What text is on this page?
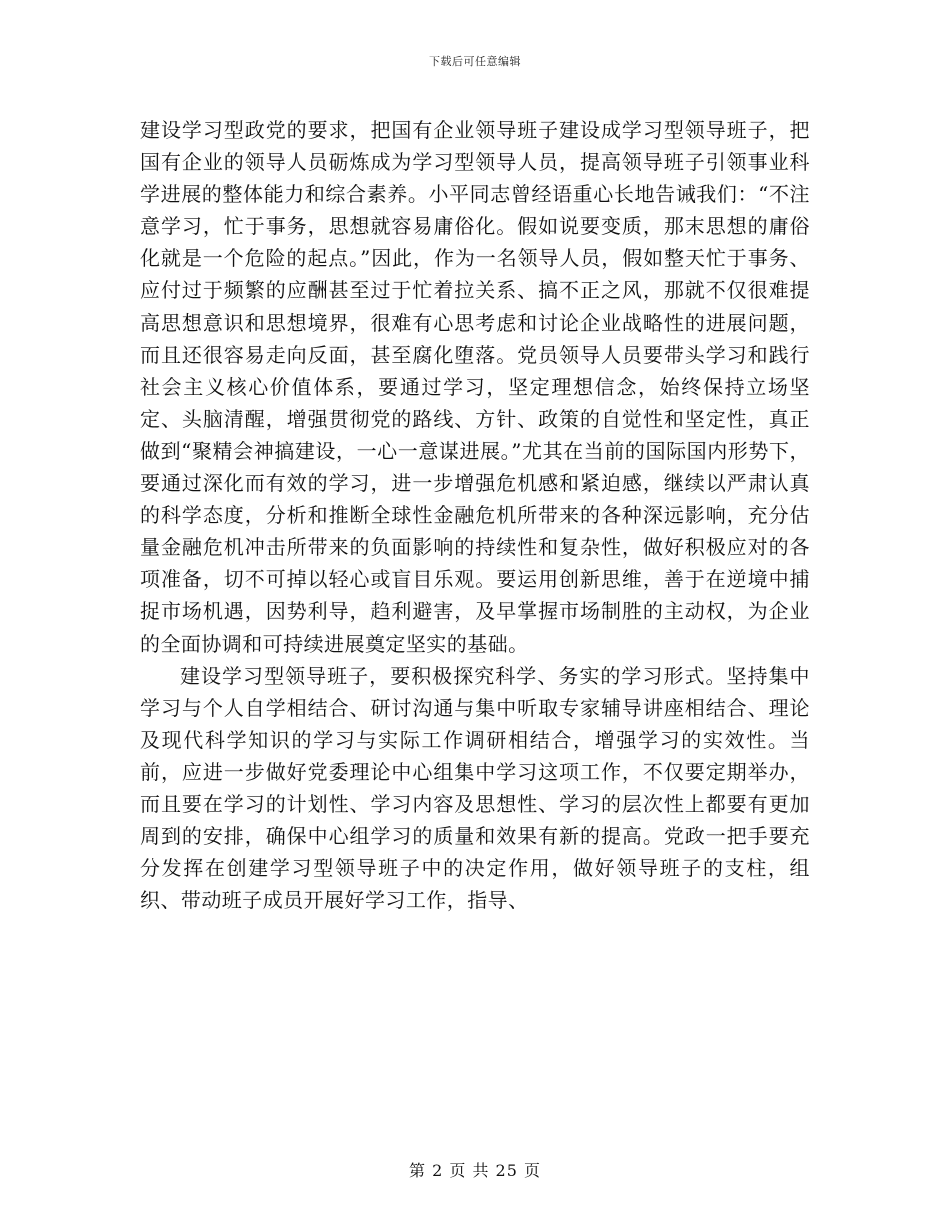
下载后可任意编辑

建设学习型政党的要求，把国有企业领导班子建设成学习型领导班子，把国有企业的领导人员砺炼成为学习型领导人员，提高领导班子引领事业科学进展的整体能力和综合素养。小平同志曾经语重心长地告诫我们：“不注意学习，忙于事务，思想就容易庸俗化。假如说要变质，那末思想的庸俗化就是一个危险的起点。”因此，作为一名领导人员，假如整天忙于事务、应付过于频繁的应酬甚至过于忙着拉关系、搞不正之风，那就不仅很难提高思想意识和思想境界，很难有心思考虑和讨论企业战略性的进展问题，而且还很容易走向反面，甚至腐化堕落。党员领导人员要带头学习和践行社会主义核心价值体系，要通过学习，坚定理想信念，始终保持立场坚定、头脑清醒，增强贯彻党的路线、方针、政策的自觉性和坚定性，真正做到“聚精会神搞建设，一心一意谋进展。”尤其在当前的国际国内形势下，要通过深化而有效的学习，进一步增强危机感和紧迫感，继续以严肃认真的科学态度，分析和推断全球性金融危机所带来的各种深远影响，充分估量金融危机冲击所带来的负面影响的持续性和复杂性，做好积极应对的各项准备，切不可掉以轻心或盲目乐观。要运用创新思维，善于在逆境中捕捉市场机遇，因势利导，趋利避害，及早掌握市场制胜的主动权，为企业的全面协调和可持续进展奠定坚实的基础。

建设学习型领导班子，要积极探究科学、务实的学习形式。坚持集中学习与个人自学相结合、研讨沟通与集中听取专家辅导讲座相结合、理论及现代科学知识的学习与实际工作调研相结合，增强学习的实效性。当前，应进一步做好党委理论中心组集中学习这项工作，不仅要定期举办，而且要在学习的计划性、学习内容及思想性、学习的层次性上都要有更加周到的安排，确保中心组学习的质量和效果有新的提高。党政一把手要充分发挥在创建学习型领导班子中的决定作用，做好领导班子的支柱，组织、带动班子成员开展好学习工作，指导、

第 2 页 共 25 页
